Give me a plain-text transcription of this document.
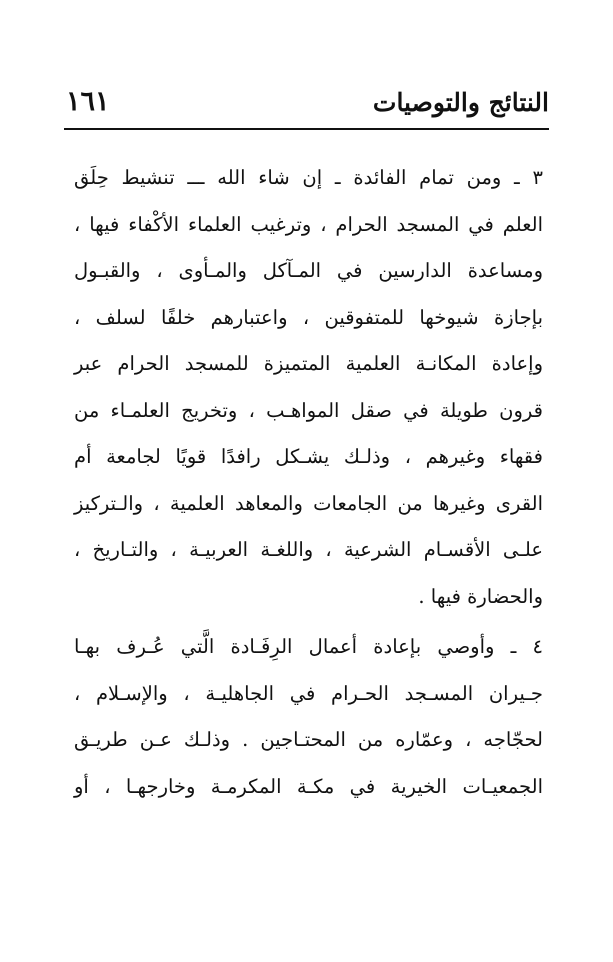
النتائج والتوصيات
١٦١
٣ ـ ومن تمام الفائدة ـ إن شاء الله ـــ تنشيط حِلَق
العلم في المسجد الحرام ، وترغيب العلماء الأكْفاء فيها ،
ومساعدة الدارسين في المـآكل والمـأوى ، والقبـول
بإجازة شيوخها للمتفوقين ، واعتبارهم خلفًا لسلف ،
وإعادة المكانـة العلمية المتميزة للمسجد الحرام عبر
قرون طويلة في صقل المواهـب ، وتخريج العلمـاء من
فقهاء وغيرهم ، وذلـك يشـكل رافدًا قويًا لجامعة أم
القرى وغيرها من الجامعات والمعاهد العلمية ، والـتركيز
علـى الأقسـام الشرعية ، واللغـة العربيـة ، والتـاريخ ،
والحضارة فيها .
٤ ـ وأوصي بإعادة أعمال الرِفَـادة الَّتي عُـرف بهـا
جـيران المسـجد الحـرام في الجاهليـة ، والإسـلام ،
لحجّاجه ، وعمّاره من المحتـاجين . وذلـك عـن طريـق
الجمعيـات الخيرية في مكـة المكرمـة وخارجهـا ، أو
